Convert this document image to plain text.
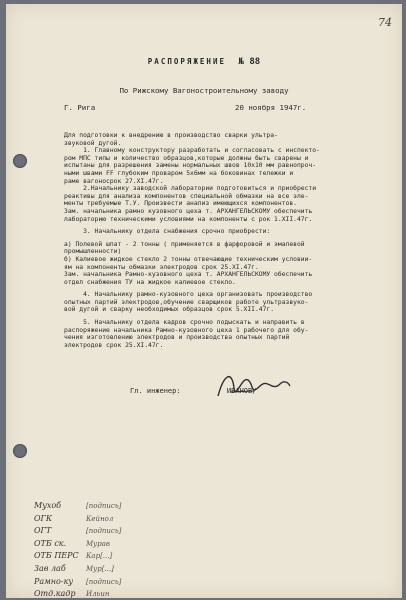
74
РАСПОРЯЖЕНИЕ № 88
По Рижскому Вагоностроительному заводу
Г. Рига	20 ноября 1947г.

Для подготовки к внедрению в производство сварки ультра-

звуковой дугой.

1. Главному конструктору разработать и согласовать с инспекто-

ром МПС типы и количество образцов,которые должны быть сварены и

испытаны для разрешения замены нормальных швов 10х10 мм равнопроч-

ными швами FF глубоким проваром 5х6мм на боковинах тележки и

раме вагоносрок 27.XI.47г.

2.Начальнику заводской лаборатории подготовиться и приобрести

реактивы для анализа компонентов специальной обмазки на все эле-

менты требуемые Т.У. Произвести анализ имеющихся компонентов.

Зам. начальника рамно кузовного цеха т. АРХАНГЕЛЬСКОМУ обеспечить

лабораторию техническими условиями на компоненты с рок 1.XII.47г.

3. Начальнику отдела снабжения срочно приобрести:

а) Полевой шпат - 2 тонны ( применяется в фарфоровой и эмалевой

промышленности)

б) Калиевое жидкое стекло 2 тонны отвечающие техническим условии-

ям на компоненты обмазки электродов срок 25.XI.47г.

Зам. начальника Рамно-кузовного цеха т. АРХАНГЕЛЬСКОМУ обеспечить

отдел снабжения ТУ на жидкое калиевое стекло.

4. Начальнику рамно-кузовного цеха организовать производство

опытных партий электродов,обучение сварщиков работе ультразвуко-

вой дугой и сварку необходимых образцов срок 5.XII.47г.

5. Начальнику отдела кадров срочно подыскать и направить в

распоряжение начальника Рамно-кузовного цеха 1 рабочего для обу-

чения изготовлению электродов и производства опытных партий

электродов срок 25.XI.47г.

Гл. инженер:           ИВАНОВ/
Мухоб	[подпись]
ОГК	Кейнол
ОГТ	[подпись]
ОТБ ск.	Мурав
ОТБ ПЕРС Кар[...]
Зав лаб	Мур[...]
Рамно-ку [подпись]
Отд.кадр Ильин
